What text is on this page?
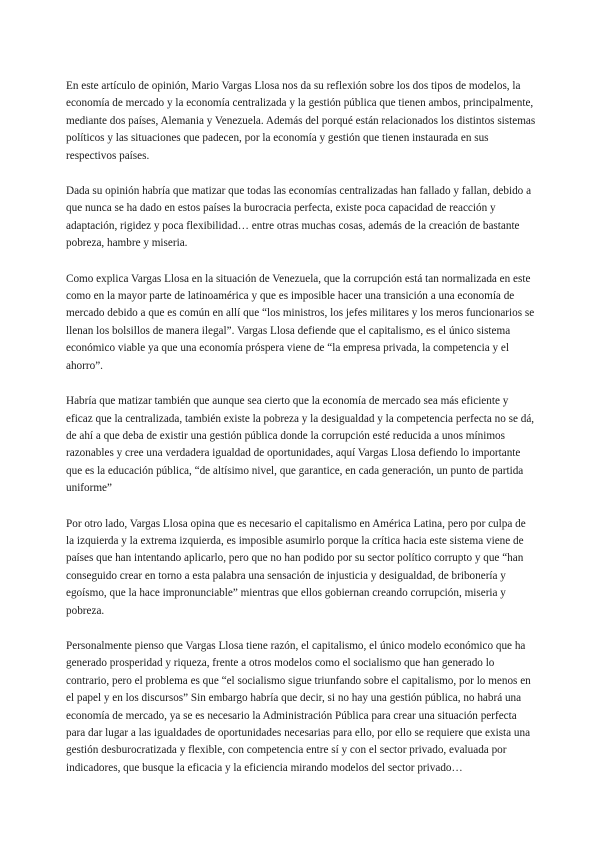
En este artículo de opinión, Mario Vargas Llosa nos da su reflexión sobre los dos tipos de modelos, la economía de mercado y la economía centralizada y la gestión pública que tienen ambos, principalmente, mediante dos países, Alemania y Venezuela. Además del porqué están relacionados los distintos sistemas políticos y las situaciones que padecen, por la economía y gestión que tienen instaurada en sus respectivos países.

Dada su opinión habría que matizar que todas las economías centralizadas han fallado y fallan, debido a que nunca se ha dado en estos países la burocracia perfecta, existe poca capacidad de reacción y adaptación, rigidez y poca flexibilidad… entre otras muchas cosas, además de la creación de bastante pobreza, hambre y miseria.

Como explica Vargas Llosa en la situación de Venezuela, que la corrupción está tan normalizada en este como en la mayor parte de latinoamérica y que es imposible hacer una transición a una economía de mercado debido a que es común en allí que “los ministros, los jefes militares y los meros funcionarios se llenan los bolsillos de manera ilegal”. Vargas Llosa defiende que el capitalismo, es el único sistema económico viable ya que una economía próspera viene de “la empresa privada, la competencia y el ahorro”.

Habría que matizar también que aunque sea cierto que la economía de mercado sea más eficiente y eficaz que la centralizada, también existe la pobreza y la desigualdad y la competencia perfecta no se dá, de ahí a que deba de existir una gestión pública donde la corrupción esté reducida a unos mínimos razonables y cree una verdadera igualdad de oportunidades, aquí Vargas Llosa defiendo lo importante que es la educación pública, “de altísimo nivel, que garantice, en cada generación, un punto de partida uniforme”

Por otro lado, Vargas Llosa opina que es necesario el capitalismo en América Latina, pero por culpa de la izquierda y la extrema izquierda, es imposible asumirlo porque la crítica hacia este sistema viene de países que han intentando aplicarlo, pero que no han podido por su sector político corrupto y que “han conseguido crear en torno a esta palabra una sensación de injusticia y desigualdad, de bribonería y egoísmo, que la hace impronunciable” mientras que ellos gobiernan creando corrupción, miseria y pobreza.

Personalmente pienso que Vargas Llosa tiene razón, el capitalismo, el único modelo económico que ha generado prosperidad y riqueza, frente a otros modelos como el socialismo que han generado lo contrario, pero el problema es que “el socialismo sigue triunfando sobre el capitalismo, por lo menos en el papel y en los discursos” Sin embargo habría que decir, si no hay una gestión pública, no habrá una economía de mercado, ya se es necesario la Administración Pública para crear una situación perfecta para dar lugar a las igualdades de oportunidades necesarias para ello, por ello se requiere que exista una gestión desburocratizada y flexible, con competencia entre sí y con el sector privado, evaluada por indicadores, que busque la eficacia y la eficiencia mirando modelos del sector privado…
